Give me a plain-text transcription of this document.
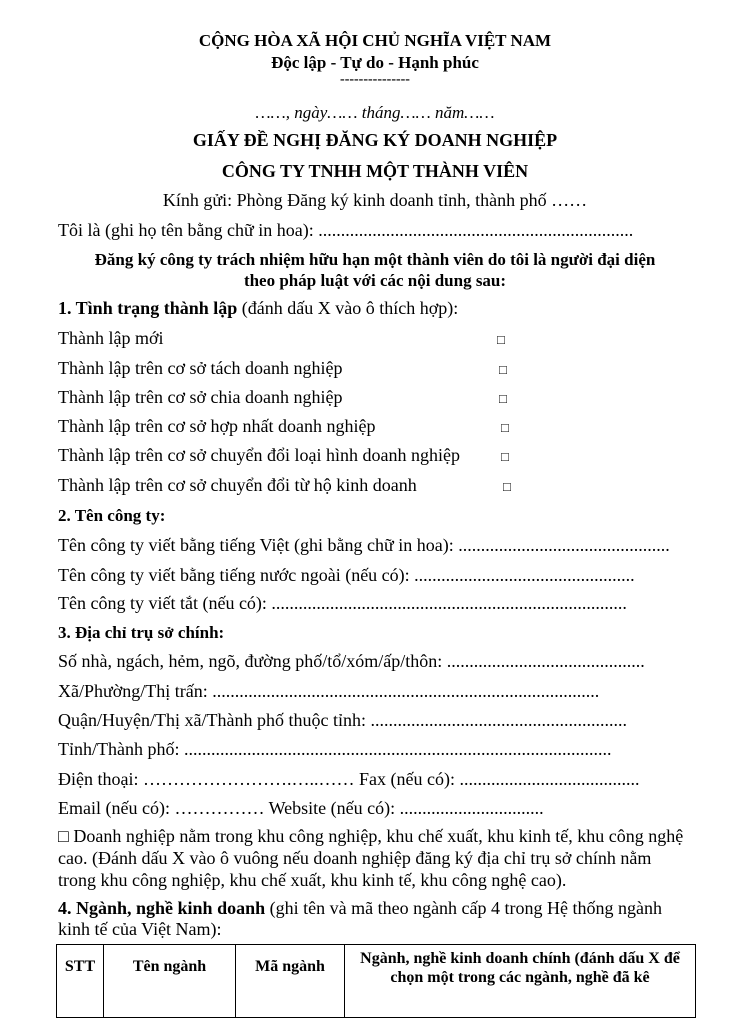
CỘNG HÒA XÃ HỘI CHỦ NGHĨA VIỆT NAM
Độc lập - Tự do - Hạnh phúc
---------------
……, ngày…… tháng…… năm……
GIẤY ĐỀ NGHỊ ĐĂNG KÝ DOANH NGHIỆP
CÔNG TY TNHH MỘT THÀNH VIÊN
Kính gửi: Phòng Đăng ký kinh doanh tỉnh, thành phố ……
Tôi là (ghi họ tên bằng chữ in hoa): ......................................................................
Đăng ký công ty trách nhiệm hữu hạn một thành viên do tôi là người đại diện
theo pháp luật với các nội dung sau:
1. Tình trạng thành lập (đánh dấu X vào ô thích hợp):
Thành lập mới	□
Thành lập trên cơ sở tách doanh nghiệp	□
Thành lập trên cơ sở chia doanh nghiệp	□
Thành lập trên cơ sở hợp nhất doanh nghiệp	□
Thành lập trên cơ sở chuyển đổi loại hình doanh nghiệp	□
Thành lập trên cơ sở chuyển đổi từ hộ kinh doanh	□
2. Tên công ty:
Tên công ty viết bằng tiếng Việt (ghi bằng chữ in hoa): ...............................................
Tên công ty viết bằng tiếng nước ngoài (nếu có): .................................................
Tên công ty viết tắt (nếu có): ...............................................................................
3. Địa chỉ trụ sở chính:
Số nhà, ngách, hẻm, ngõ, đường phố/tổ/xóm/ấp/thôn: ............................................
Xã/Phường/Thị trấn: ......................................................................................
Quận/Huyện/Thị xã/Thành phố thuộc tỉnh: .........................................................
Tỉnh/Thành phố: ...............................................................................................
Điện thoại: …………………….…..…… Fax (nếu có): ........................................
Email (nếu có): …………… Website (nếu có): ................................
□ Doanh nghiệp nằm trong khu công nghiệp, khu chế xuất, khu kinh tế, khu công nghệ
cao. (Đánh dấu X vào ô vuông nếu doanh nghiệp đăng ký địa chỉ trụ sở chính nằm
trong khu công nghiệp, khu chế xuất, khu kinh tế, khu công nghệ cao).
4. Ngành, nghề kinh doanh (ghi tên và mã theo ngành cấp 4 trong Hệ thống ngành
kinh tế của Việt Nam):
STT	Tên ngành	Mã ngành	Ngành, nghề kinh doanh chính (đánh dấu X để chọn một trong các ngành, nghề đã kê
